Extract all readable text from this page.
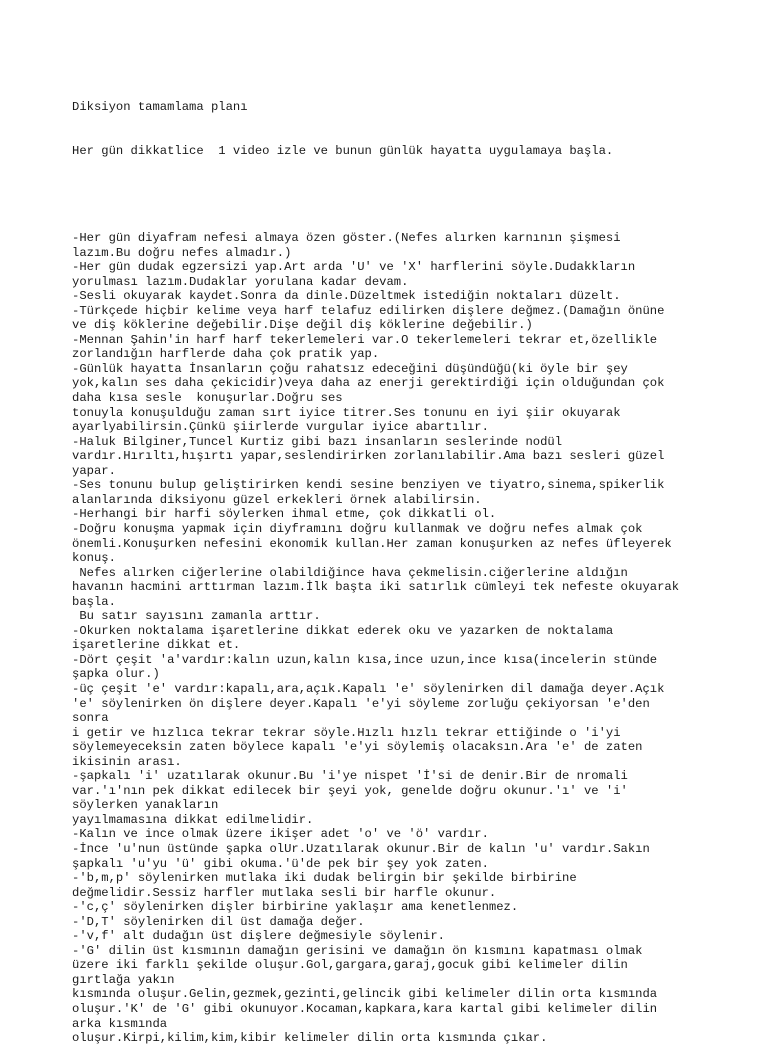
Diksiyon tamamlama planı

Her gün dikkatlice  1 video izle ve bunun günlük hayatta uygulamaya başla.

-Her gün diyafram nefesi almaya özen göster.(Nefes alırken karnının şişmesi
lazım.Bu doğru nefes almadır.)
-Her gün dudak egzersizi yap.Art arda 'U' ve 'X' harflerini söyle.Dudakkların
yorulması lazım.Dudaklar yorulana kadar devam.
-Sesli okuyarak kaydet.Sonra da dinle.Düzeltmek istediğin noktaları düzelt.
-Türkçede hiçbir kelime veya harf telafuz edilirken dişlere değmez.(Damağın önüne
ve diş köklerine değebilir.Dişe değil diş köklerine değebilir.)
-Mennan Şahin'in harf harf tekerlemeleri var.O tekerlemeleri tekrar et,özellikle
zorlandığın harflerde daha çok pratik yap.
-Günlük hayatta İnsanların çoğu rahatsız edeceğini düşündüğü(ki öyle bir şey
yok,kalın ses daha çekicidir)veya daha az enerji gerektirdiği için olduğundan çok
daha kısa sesle  konuşurlar.Doğru ses
tonuyla konuşulduğu zaman sırt iyice titrer.Ses tonunu en iyi şiir okuyarak
ayarlyabilirsin.Çünkü şiirlerde vurgular iyice abartılır.
-Haluk Bilginer,Tuncel Kurtiz gibi bazı insanların seslerinde nodül
vardır.Hırıltı,hışırtı yapar,seslendirirken zorlanılabilir.Ama bazı sesleri güzel
yapar.
-Ses tonunu bulup geliştirirken kendi sesine benziyen ve tiyatro,sinema,spikerlik
alanlarında diksiyonu güzel erkekleri örnek alabilirsin.
-Herhangi bir harfi söylerken ihmal etme, çok dikkatli ol.
-Doğru konuşma yapmak için diyframını doğru kullanmak ve doğru nefes almak çok
önemli.Konuşurken nefesini ekonomik kullan.Her zaman konuşurken az nefes üfleyerek
konuş.
Nefes alırken ciğerlerine olabildiğince hava çekmelisin.ciğerlerine aldığın
havanın hacmini arttırman lazım.İlk başta iki satırlık cümleyi tek nefeste okuyarak
başla.
Bu satır sayısını zamanla arttır.
-Okurken noktalama işaretlerine dikkat ederek oku ve yazarken de noktalama
işaretlerine dikkat et.
-Dört çeşit 'a'vardır:kalın uzun,kalın kısa,ince uzun,ince kısa(incelerin stünde
şapka olur.)
-üç çeşit 'e' vardır:kapalı,ara,açık.Kapalı 'e' söylenirken dil damağa deyer.Açık
'e' söylenirken ön dişlere deyer.Kapalı 'e'yi söyleme zorluğu çekiyorsan 'e'den
sonra
i getir ve hızlıca tekrar tekrar söyle.Hızlı hızlı tekrar ettiğinde o 'i'yi
söylemeyeceksin zaten böylece kapalı 'e'yi söylemiş olacaksın.Ara 'e' de zaten
ikisinin arası.
-şapkalı 'i' uzatılarak okunur.Bu 'i'ye nispet 'İ'si de denir.Bir de nromali
var.'ı'nın pek dikkat edilecek bir şeyi yok, genelde doğru okunur.'ı' ve 'i'
söylerken yanakların
yayılmamasına dikkat edilmelidir.
-Kalın ve ince olmak üzere ikişer adet 'o' ve 'ö' vardır.
-İnce 'u'nun üstünde şapka olUr.Uzatılarak okunur.Bir de kalın 'u' vardır.Sakın
şapkalı 'u'yu 'ü' gibi okuma.'ü'de pek bir şey yok zaten.
-'b,m,p' söylenirken mutlaka iki dudak belirgin bir şekilde birbirine
değmelidir.Sessiz harfler mutlaka sesli bir harfle okunur.
-'c,ç' söylenirken dişler birbirine yaklaşır ama kenetlenmez.
-'D,T' söylenirken dil üst damağa değer.
-'v,f' alt dudağın üst dişlere değmesiyle söylenir.
-'G' dilin üst kısmının damağın gerisini ve damağın ön kısmını kapatması olmak
üzere iki farklı şekilde oluşur.Gol,gargara,garaj,gocuk gibi kelimeler dilin
gırtlağa yakın
kısmında oluşur.Gelin,gezmek,gezinti,gelincik gibi kelimeler dilin orta kısmında
oluşur.'K' de 'G' gibi okunuyor.Kocaman,kapkara,kara kartal gibi kelimeler dilin
arka kısmında
oluşur.Kirpi,kilim,kim,kibir kelimeler dilin orta kısmında çıkar.
